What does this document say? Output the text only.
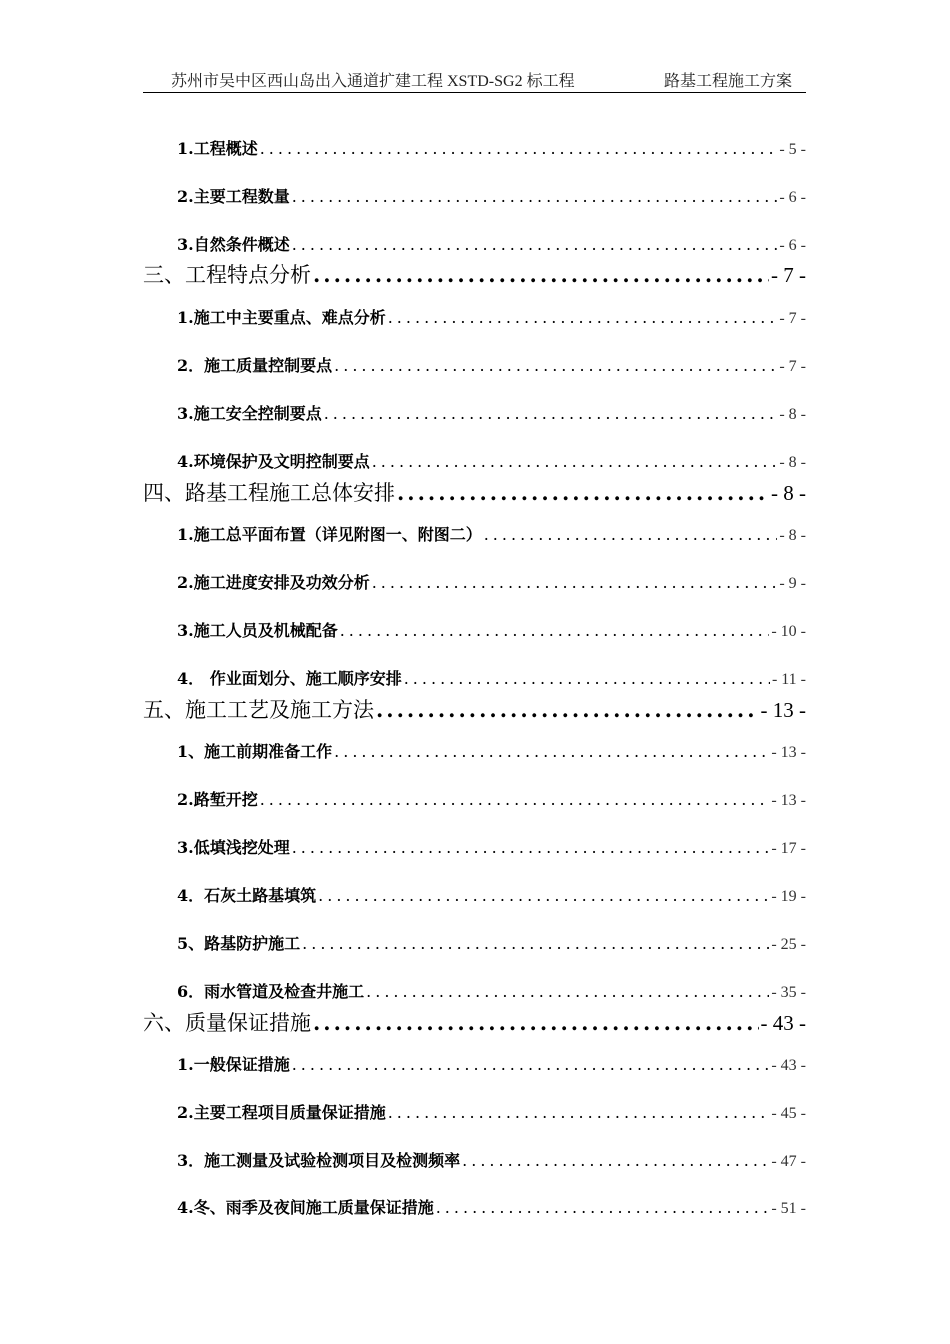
苏州市吴中区西山岛出入通道扩建工程 XSTD-SG2 标工程	路基工程施工方案
1.工程概述 .....	- 5 -
2.主要工程数量 .....	- 6 -
3.自然条件概述 .....	- 6 -
三、工程特点分析 .....	- 7 -
1.施工中主要重点、难点分析 .....	- 7 -
2．施工质量控制要点 .....	- 7 -
3.施工安全控制要点 .....	- 8 -
4.环境保护及文明控制要点 .....	- 8 -
四、路基工程施工总体安排 .....	- 8 -
1.施工总平面布置（详见附图一、附图二） .....	- 8 -
2.施工进度安排及功效分析 .....	- 9 -
3.施工人员及机械配备 .....	- 10 -
4． 作业面划分、施工顺序安排 .....	- 11 -
五、施工工艺及施工方法 .....	- 13 -
1、施工前期准备工作 .....	- 13 -
2.路堑开挖 .....	- 13 -
3.低填浅挖处理 .....	- 17 -
4．石灰土路基填筑 .....	- 19 -
5、路基防护施工 .....	- 25 -
6．雨水管道及检查井施工 .....	- 35 -
六、质量保证措施 .....	- 43 -
1.一般保证措施 .....	- 43 -
2.主要工程项目质量保证措施 .....	- 45 -
3．施工测量及试验检测项目及检测频率 .....	- 47 -
4.冬、雨季及夜间施工质量保证措施 .....	- 51 -
